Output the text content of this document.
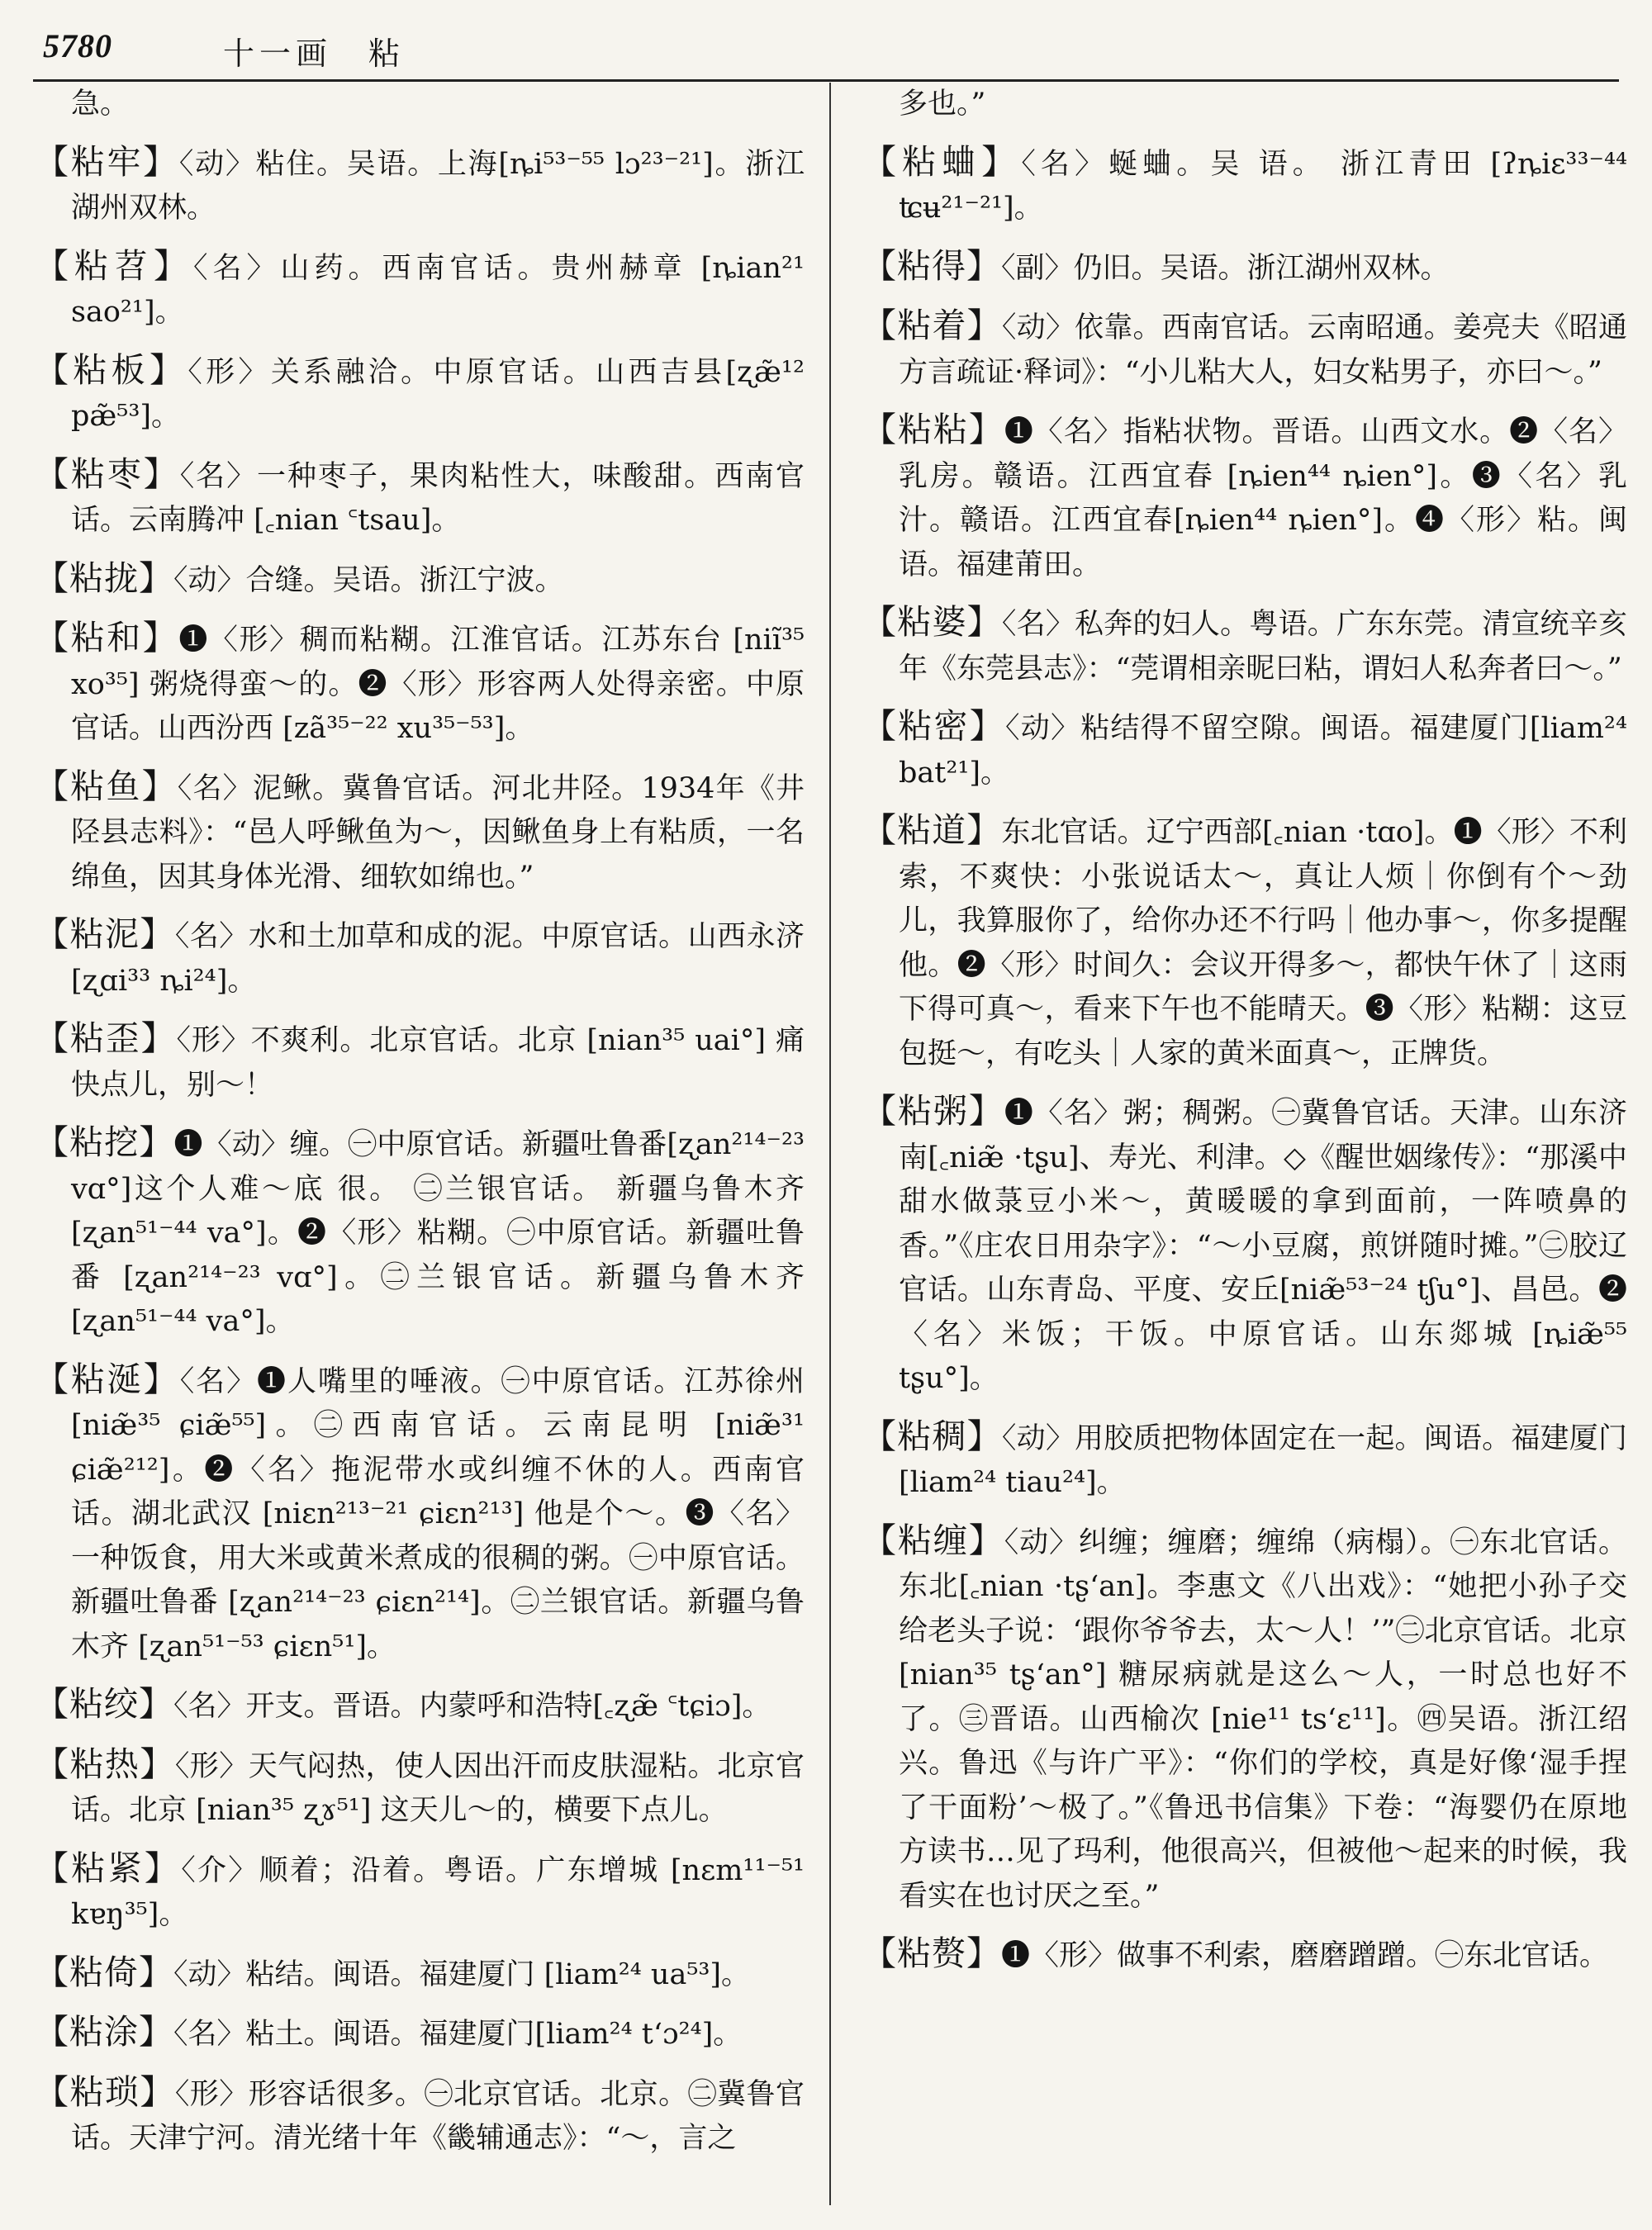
5780	十一画　粘
急。

【粘牢】〈动〉粘住。吴语。上海[ȵi⁵³⁻⁵⁵ lɔ²³⁻²¹]。浙江湖州双林。

【粘苕】〈名〉山药。西南官话。贵州赫章 [ȵian²¹ sao²¹]。

【粘板】〈形〉关系融洽。中原官话。山西吉县[ʐæ̃¹² pæ̃⁵³]。

【粘枣】〈名〉一种枣子，果肉粘性大，味酸甜。西南官话。云南腾冲 [꜀nian ꜂tsau]。

【粘拢】〈动〉合缝。吴语。浙江宁波。

【粘和】❶〈形〉稠而粘糊。江淮官话。江苏东台 [niĩ³⁵ xo³⁵] 粥烧得蛮～的。❷〈形〉形容两人处得亲密。中原官话。山西汾西 [zã³⁵⁻²² xu³⁵⁻⁵³]。

【粘鱼】〈名〉泥鳅。冀鲁官话。河北井陉。1934年《井陉县志料》：“邑人呼鳅鱼为～，因鳅鱼身上有粘质，一名绵鱼，因其身体光滑、细软如绵也。”

【粘泥】〈名〉水和土加草和成的泥。中原官话。山西永济 [ʐɑi³³ ȵi²⁴]。

【粘歪】〈形〉不爽利。北京官话。北京 [nian³⁵ uai°] 痛快点儿，别～！

【粘挖】❶〈动〉缠。㊀中原官话。新疆吐鲁番[ʐan²¹⁴⁻²³ vɑ°]这个人难～底 很。 ㊁兰银官话。 新疆乌鲁木齐 [ʐan⁵¹⁻⁴⁴ va°]。❷〈形〉粘糊。㊀中原官话。新疆吐鲁番 [ʐan²¹⁴⁻²³ vɑ°]。㊁兰银官话。新疆乌鲁木齐 [ʐan⁵¹⁻⁴⁴ va°]。

【粘涎】〈名〉❶人嘴里的唾液。㊀中原官话。江苏徐州 [niæ̃³⁵ ɕiæ̃⁵⁵]。㊁西南官话。云南昆明 [niæ̃³¹ ɕiæ̃²¹²]。❷〈名〉拖泥带水或纠缠不休的人。西南官话。湖北武汉 [niɛn²¹³⁻²¹ ɕiɛn²¹³] 他是个～。❸〈名〉一种饭食，用大米或黄米煮成的很稠的粥。㊀中原官话。新疆吐鲁番 [ʐan²¹⁴⁻²³ ɕiɛn²¹⁴]。㊁兰银官话。新疆乌鲁木齐 [ʐan⁵¹⁻⁵³ ɕiɛn⁵¹]。

【粘绞】〈名〉开支。晋语。内蒙呼和浩特[꜀ʐæ̃ ꜂tɕiɔ]。

【粘热】〈形〉天气闷热，使人因出汗而皮肤湿粘。北京官话。北京 [nian³⁵ ʐɤ⁵¹] 这天儿～的，横要下点儿。

【粘紧】〈介〉顺着；沿着。粤语。广东增城 [nɛm¹¹⁻⁵¹ kɐŋ³⁵]。

【粘倚】〈动〉粘结。闽语。福建厦门 [liam²⁴ ua⁵³]。

【粘涂】〈名〉粘土。闽语。福建厦门[liam²⁴ t‘ɔ²⁴]。

【粘琐】〈形〉形容话很多。㊀北京官话。北京。㊁冀鲁官话。天津宁河。清光绪十年《畿辅通志》：“～，言之

多也。”

【粘蛐】〈名〉蜒蛐。吴 语。 浙江青田 [ʔȵiɛ³³⁻⁴⁴ ʨʉ²¹⁻²¹]。

【粘得】〈副〉仍旧。吴语。浙江湖州双林。

【粘着】〈动〉依靠。西南官话。云南昭通。姜亮夫《昭通方言疏证·释词》：“小儿粘大人，妇女粘男子，亦曰～。”

【粘粘】❶〈名〉指粘状物。晋语。山西文水。❷〈名〉乳房。赣语。江西宜春 [ȵien⁴⁴ ȵien°]。❸〈名〉乳汁。赣语。江西宜春[ȵien⁴⁴ ȵien°]。❹〈形〉粘。闽语。福建莆田。

【粘婆】〈名〉私奔的妇人。粤语。广东东莞。清宣统辛亥年《东莞县志》：“莞谓相亲昵曰粘，谓妇人私奔者曰～。”

【粘密】〈动〉粘结得不留空隙。闽语。福建厦门[liam²⁴ bat²¹]。

【粘道】东北官话。辽宁西部[꜀nian ·tɑo]。❶〈形〉不利索，不爽快：小张说话太～，真让人烦｜你倒有个～劲儿，我算服你了，给你办还不行吗｜他办事～，你多提醒他。❷〈形〉时间久：会议开得多～，都快午休了｜这雨下得可真～，看来下午也不能晴天。❸〈形〉粘糊：这豆包挺～，有吃头｜人家的黄米面真～，正牌货。

【粘粥】❶〈名〉粥；稠粥。㊀冀鲁官话。天津。山东济南[꜀niæ̃ ·tʂu]、寿光、利津。◇《醒世姻缘传》：“那溪中甜水做菉豆小米～，黄暖暖的拿到面前，一阵喷鼻的香。”《庄农日用杂字》：“～小豆腐，煎饼随时摊。”㊁胶辽官话。山东青岛、平度、安丘[niæ̃⁵³⁻²⁴ tʃu°]、昌邑。❷〈名〉米饭；干饭。中原官话。山东郯城 [ȵiæ̃⁵⁵ tʂu°]。

【粘稠】〈动〉用胶质把物体固定在一起。闽语。福建厦门 [liam²⁴ tiau²⁴]。

【粘缠】〈动〉纠缠；缠磨；缠绵（病榻）。㊀东北官话。东北[꜀nian ·tʂ‘an]。李惠文《八出戏》：“她把小孙子交给老头子说：‘跟你爷爷去，太～人！’”㊁北京官话。北京 [nian³⁵ tʂ‘an°] 糖尿病就是这么～人，一时总也好不了。㊂晋语。山西榆次 [nie¹¹ ts‘ɛ¹¹]。㊃吴语。浙江绍兴。鲁迅《与许广平》：“你们的学校，真是好像‘湿手捏了干面粉’～极了。”《鲁迅书信集》下卷：“海婴仍在原地方读书…见了玛利，他很高兴，但被他～起来的时候，我看实在也讨厌之至。”

【粘赘】❶〈形〉做事不利索，磨磨蹭蹭。㊀东北官话。
